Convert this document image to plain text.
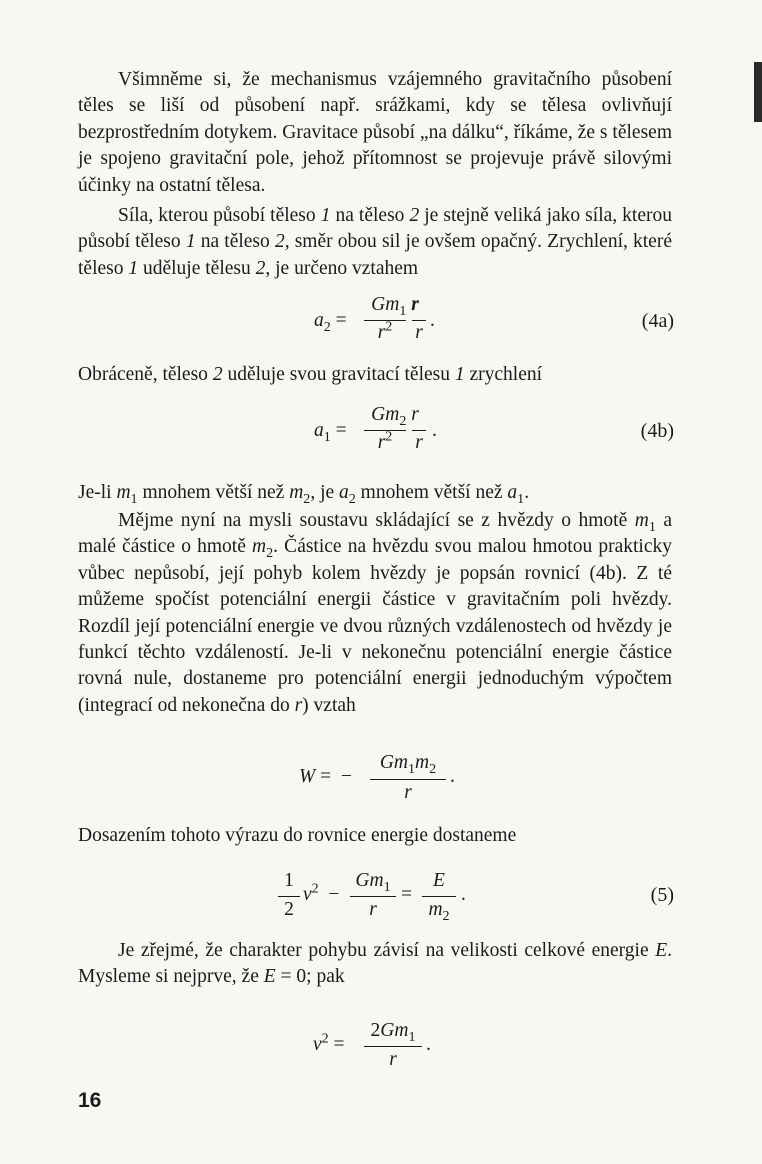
Všimněme si, že mechanismus vzájemného gravitačního působení těles se liší od působení např. srážkami, kdy se tělesa ovlivňují bezprostředním dotykem. Gravitace působí „na dálku“, říkáme, že s tělesem je spojeno gravitační pole, jehož přítomnost se projevuje právě silovými účinky na ostatní tělesa.

Síla, kterou působí těleso 1 na těleso 2 je stejně veliká jako síla, kterou působí těleso 1 na těleso 2, směr obou sil je ovšem opačný. Zrychlení, které těleso 1 uděluje tělesu 2, je určeno vztahem

$a_2$ =
$Gm_1$ r
$r^2$	r
.	(4a)

Obráceně, těleso 2 uděluje svou gravitací tělesu 1 zrychlení

$a_1$ =
$Gm_2$ r
$r^2$	r
.	(4b)

Je-li $m_1$ mnohem větší než $m_2$, je $a_2$ mnohem větší než $a_1$.

Mějme nyní na mysli soustavu skládající se z hvězdy o hmotě $m_1$ a malé částice o hmotě $m_2$. Částice na hvězdu svou malou hmotou prakticky vůbec nepůsobí, její pohyb kolem hvězdy je popsán rovnicí (4b). Z té můžeme spočíst potenciální energii částice v gravitačním poli hvězdy. Rozdíl její potenciální energie ve dvou různých vzdálenostech od hvězdy je funkcí těchto vzdáleností. Je-li v nekonečnu potenciální energie částice rovná nule, dostaneme pro potenciální energii jednoduchým výpočtem (integrací od nekonečna do r) vztah

W =  −
$Gm_1m_2$
r
.

Dosazením tohoto výrazu do rovnice energie dostaneme

1
2
$v^2$  −
$Gm_1$
r
=
E
$m_2$
.	(5)

Je zřejmé, že charakter pohybu závisí na velikosti celkové energie E. Mysleme si nejprve, že E = 0; pak

$v^2$ =
$2Gm_1$
r
.
16
